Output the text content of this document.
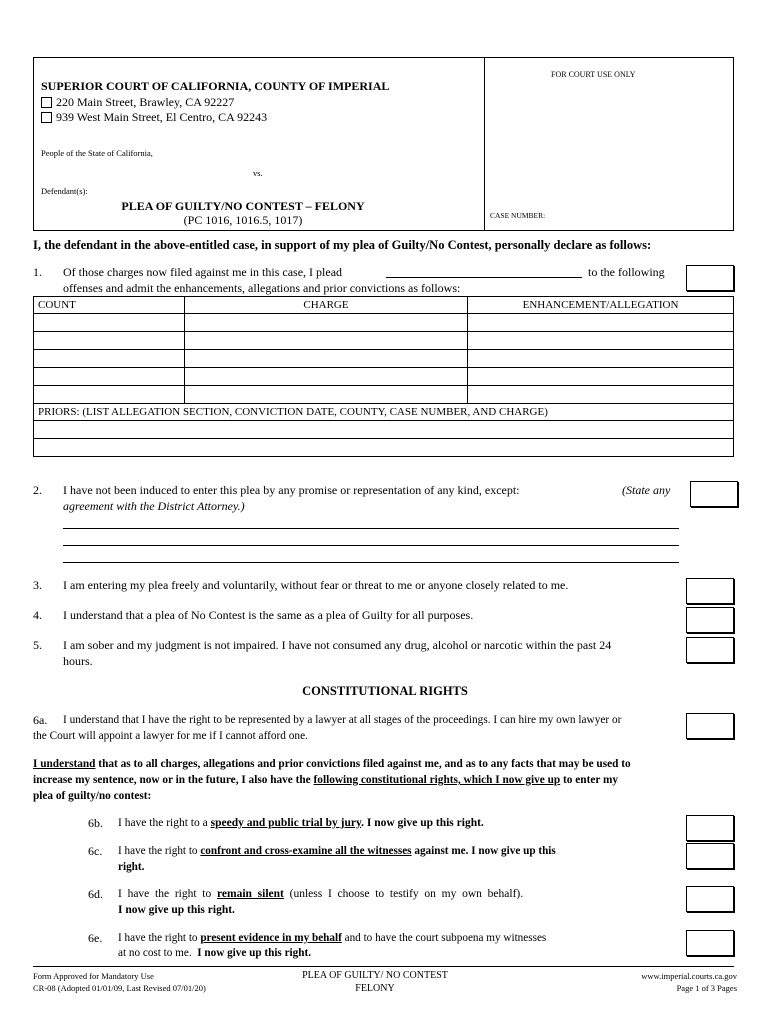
SUPERIOR COURT OF CALIFORNIA, COUNTY OF IMPERIAL
220 Main Street, Brawley, CA 92227
939 West Main Street, El Centro, CA 92243
FOR COURT USE ONLY
People of the State of California,
vs.
Defendant(s):
PLEA OF GUILTY/NO CONTEST – FELONY
(PC 1016, 1016.5, 1017)	CASE NUMBER:
I, the defendant in the above-entitled case, in support of my plea of Guilty/No Contest, personally declare as follows:
1. Of those charges now filed against me in this case, I plead	to the following
offenses and admit the enhancements, allegations and prior convictions as follows:
COUNT	CHARGE	ENHANCEMENT/ALLEGATION

PRIORS: (LIST ALLEGATION SECTION, CONVICTION DATE, COUNTY, CASE NUMBER, AND CHARGE)		

2. I have not been induced to enter this plea by any promise or representation of any kind, except:	(State any
agreement with the District Attorney.)
3. I am entering my plea freely and voluntarily, without fear or threat to me or anyone closely related to me.
4. I understand that a plea of No Contest is the same as a plea of Guilty for all purposes.
5. I am sober and my judgment is not impaired. I have not consumed any drug, alcohol or narcotic within the past 24
hours.
CONSTITUTIONAL RIGHTS
6a. I understand that I have the right to be represented by a lawyer at all stages of the proceedings. I can hire my own lawyer or
the Court will appoint a lawyer for me if I cannot afford one.
I understand that as to all charges, allegations and prior convictions filed against me, and as to any facts that may be used to
increase my sentence, now or in the future, I also have the following constitutional rights, which I now give up to enter my
plea of guilty/no contest:
6b. I have the right to a speedy and public trial by jury. I now give up this right.
6c. I have the right to confront and cross-examine all the witnesses against me. I now give up this
right.
6d. I  have  the  right  to  remain  silent  (unless  I  choose  to  testify  on  my  own  behalf).
I now give up this right.
6e. I have the right to present evidence in my behalf and to have the court subpoena my witnesses
at no cost to me.  I now give up this right.
Form Approved for Mandatory Use
CR-08 (Adopted 01/01/09, Last Revised 07/01/20)
PLEA OF GUILTY/ NO CONTEST
FELONY
www.imperial.courts.ca.gov
Page 1 of 3 Pages
